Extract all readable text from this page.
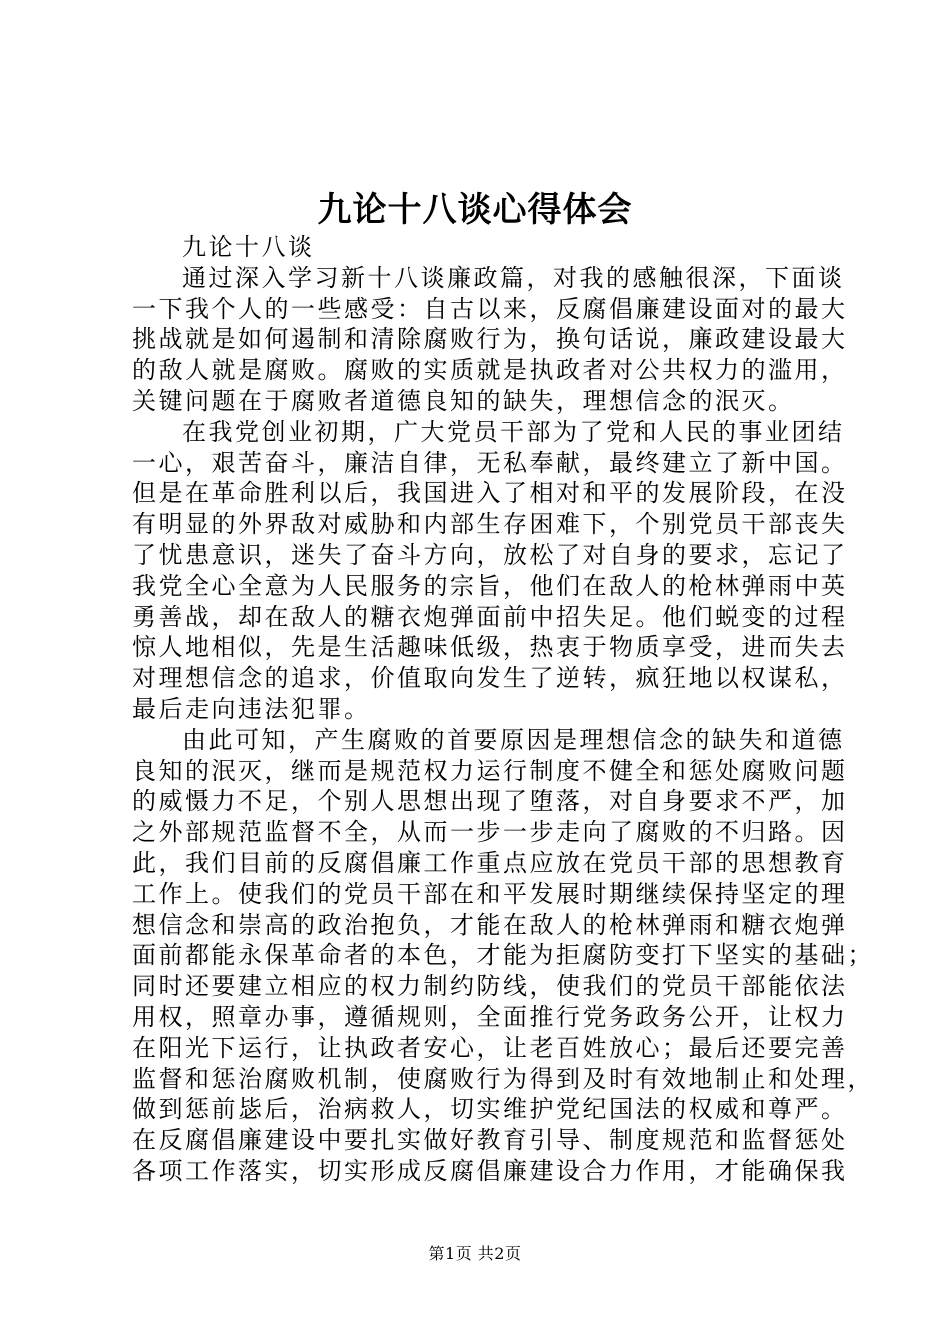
九论十八谈心得体会
九论十八谈
通过深入学习新十八谈廉政篇，对我的感触很深，下面谈
一下我个人的一些感受：自古以来，反腐倡廉建设面对的最大
挑战就是如何遏制和清除腐败行为，换句话说，廉政建设最大
的敌人就是腐败。腐败的实质就是执政者对公共权力的滥用，
关键问题在于腐败者道德良知的缺失，理想信念的泯灭。
在我党创业初期，广大党员干部为了党和人民的事业团结
一心，艰苦奋斗，廉洁自律，无私奉献，最终建立了新中国。
但是在革命胜利以后，我国进入了相对和平的发展阶段，在没
有明显的外界敌对威胁和内部生存困难下，个别党员干部丧失
了忧患意识，迷失了奋斗方向，放松了对自身的要求，忘记了
我党全心全意为人民服务的宗旨，他们在敌人的枪林弹雨中英
勇善战，却在敌人的糖衣炮弹面前中招失足。他们蜕变的过程
惊人地相似，先是生活趣味低级，热衷于物质享受，进而失去
对理想信念的追求，价值取向发生了逆转，疯狂地以权谋私，
最后走向违法犯罪。
由此可知，产生腐败的首要原因是理想信念的缺失和道德
良知的泯灭，继而是规范权力运行制度不健全和惩处腐败问题
的威慑力不足，个别人思想出现了堕落，对自身要求不严，加
之外部规范监督不全，从而一步一步走向了腐败的不归路。因
此，我们目前的反腐倡廉工作重点应放在党员干部的思想教育
工作上。使我们的党员干部在和平发展时期继续保持坚定的理
想信念和崇高的政治抱负，才能在敌人的枪林弹雨和糖衣炮弹
面前都能永保革命者的本色，才能为拒腐防变打下坚实的基础；
同时还要建立相应的权力制约防线，使我们的党员干部能依法
用权，照章办事，遵循规则，全面推行党务政务公开，让权力
在阳光下运行，让执政者安心，让老百姓放心；最后还要完善
监督和惩治腐败机制，使腐败行为得到及时有效地制止和处理，
做到惩前毖后，治病救人，切实维护党纪国法的权威和尊严。
在反腐倡廉建设中要扎实做好教育引导、制度规范和监督惩处
各项工作落实，切实形成反腐倡廉建设合力作用，才能确保我
第1页 共2页
